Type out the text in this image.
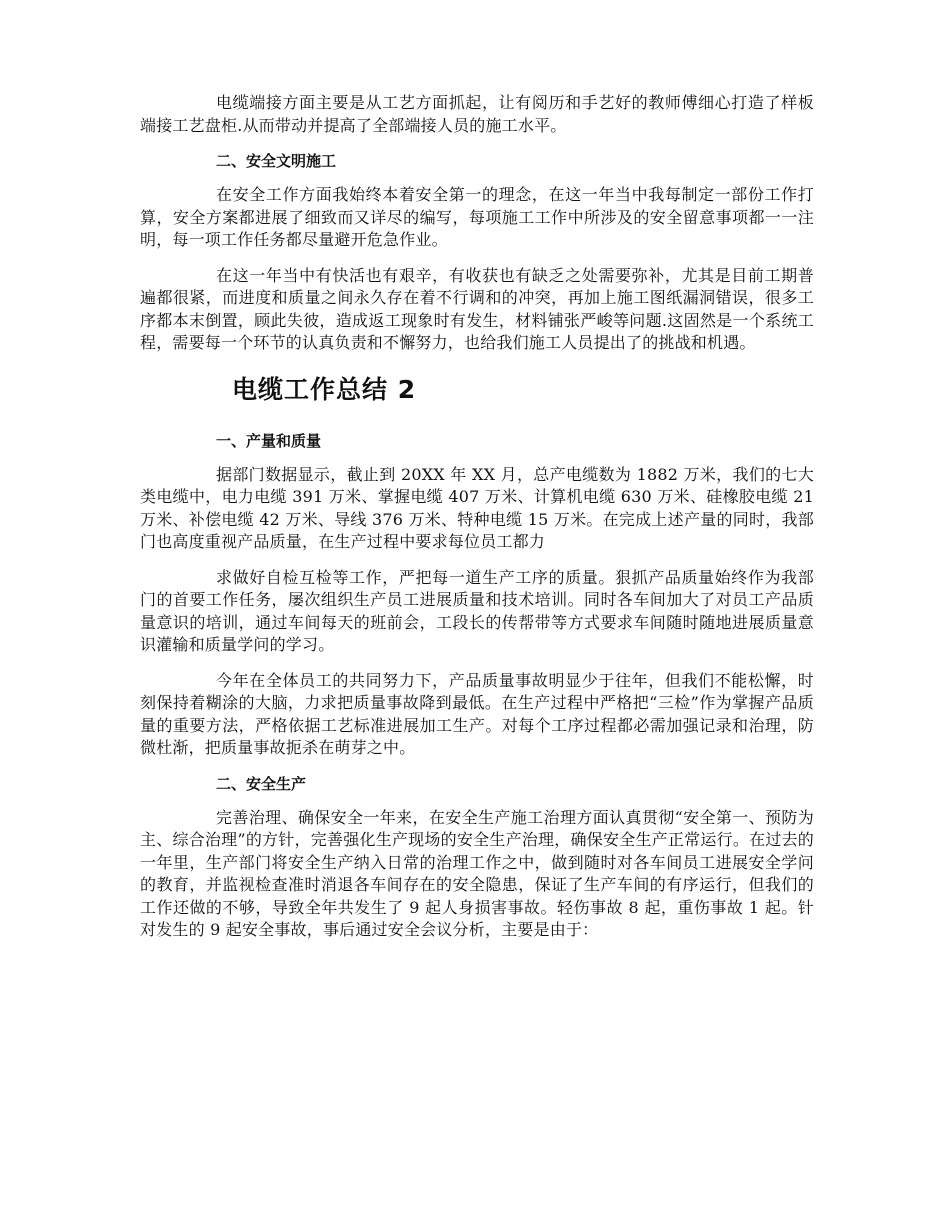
电缆端接方面主要是从工艺方面抓起，让有阅历和手艺好的教师傅细心打造了样板端接工艺盘柜.从而带动并提高了全部端接人员的施工水平。

二、安全文明施工

在安全工作方面我始终本着安全第一的理念，在这一年当中我每制定一部份工作打算，安全方案都进展了细致而又详尽的编写，每项施工工作中所涉及的安全留意事项都一一注明，每一项工作任务都尽量避开危急作业。

在这一年当中有快活也有艰辛，有收获也有缺乏之处需要弥补，尤其是目前工期普遍都很紧，而进度和质量之间永久存在着不行调和的冲突，再加上施工图纸漏洞错误，很多工序都本末倒置，顾此失彼，造成返工现象时有发生，材料铺张严峻等问题.这固然是一个系统工程，需要每一个环节的认真负责和不懈努力，也给我们施工人员提出了的挑战和机遇。

电缆工作总结 2
一、产量和质量

据部门数据显示，截止到 20XX 年 XX 月，总产电缆数为 1882 万米，我们的七大类电缆中，电力电缆 391 万米、掌握电缆 407 万米、计算机电缆 630 万米、硅橡胶电缆 21 万米、补偿电缆 42 万米、导线 376 万米、特种电缆 15 万米。在完成上述产量的同时，我部门也高度重视产品质量，在生产过程中要求每位员工都力

求做好自检互检等工作，严把每一道生产工序的质量。狠抓产品质量始终作为我部门的首要工作任务，屡次组织生产员工进展质量和技术培训。同时各车间加大了对员工产品质量意识的培训，通过车间每天的班前会，工段长的传帮带等方式要求车间随时随地进展质量意识灌输和质量学问的学习。

今年在全体员工的共同努力下，产品质量事故明显少于往年，但我们不能松懈，时刻保持着糊涂的大脑，力求把质量事故降到最低。在生产过程中严格把“三检”作为掌握产品质量的重要方法，严格依据工艺标准进展加工生产。对每个工序过程都必需加强记录和治理，防微杜渐，把质量事故扼杀在萌芽之中。

二、安全生产

完善治理、确保安全一年来，在安全生产施工治理方面认真贯彻“安全第一、预防为主、综合治理”的方针，完善强化生产现场的安全生产治理，确保安全生产正常运行。在过去的一年里，生产部门将安全生产纳入日常的治理工作之中，做到随时对各车间员工进展安全学问的教育，并监视检查准时消退各车间存在的安全隐患，保证了生产车间的有序运行，但我们的工作还做的不够，导致全年共发生了 9 起人身损害事故。轻伤事故 8 起，重伤事故 1 起。针对发生的 9 起安全事故，事后通过安全会议分析，主要是由于：
